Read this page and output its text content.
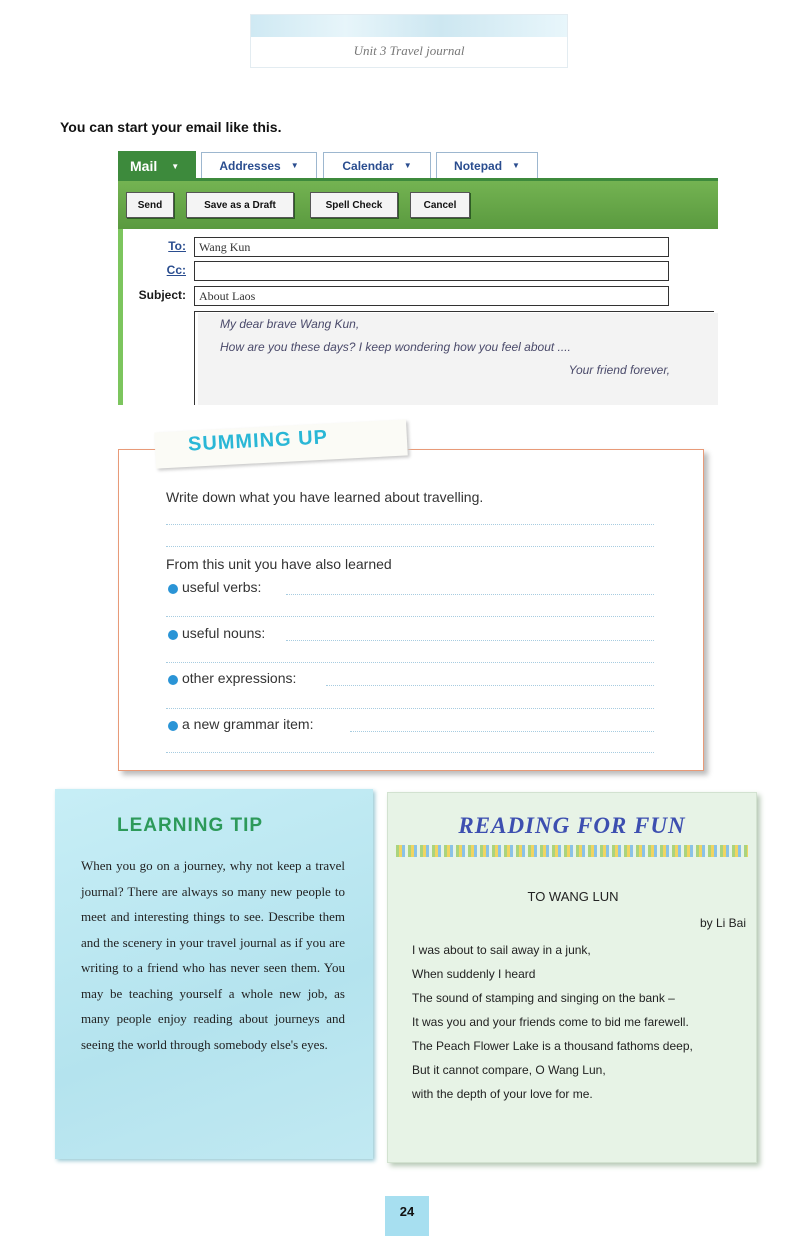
Unit 3 Travel journal
You can start your email like this.
Mail ▼	Addresses ▼	Calendar ▼	Notepad ▼
Send	Save as a Draft	Spell Check	Cancel
To:	Wang Kun
Cc:
Subject:	About Laos
My dear brave Wang Kun,
How are you these days? I keep wondering how you feel about ....
Your friend forever,
SUMMING UP
Write down what you have learned about travelling.
From this unit you have also learned
useful verbs:
useful nouns:
other expressions:
a new grammar item:
LEARNING TIP
When you go on a journey, why not keep a travel journal? There are always so many new people to meet and interesting things to see. Describe them and the scenery in your travel journal as if you are writing to a friend who has never seen them. You may be teaching yourself a whole new job, as many people enjoy reading about journeys and seeing the world through somebody else's eyes.
READING FOR FUN
TO WANG LUN
by Li Bai
I was about to sail away in a junk,
When suddenly I heard
The sound of stamping and singing on the bank –
It was you and your friends come to bid me farewell.
The Peach Flower Lake is a thousand fathoms deep,
But it cannot compare, O Wang Lun,
with the depth of your love for me.
24
